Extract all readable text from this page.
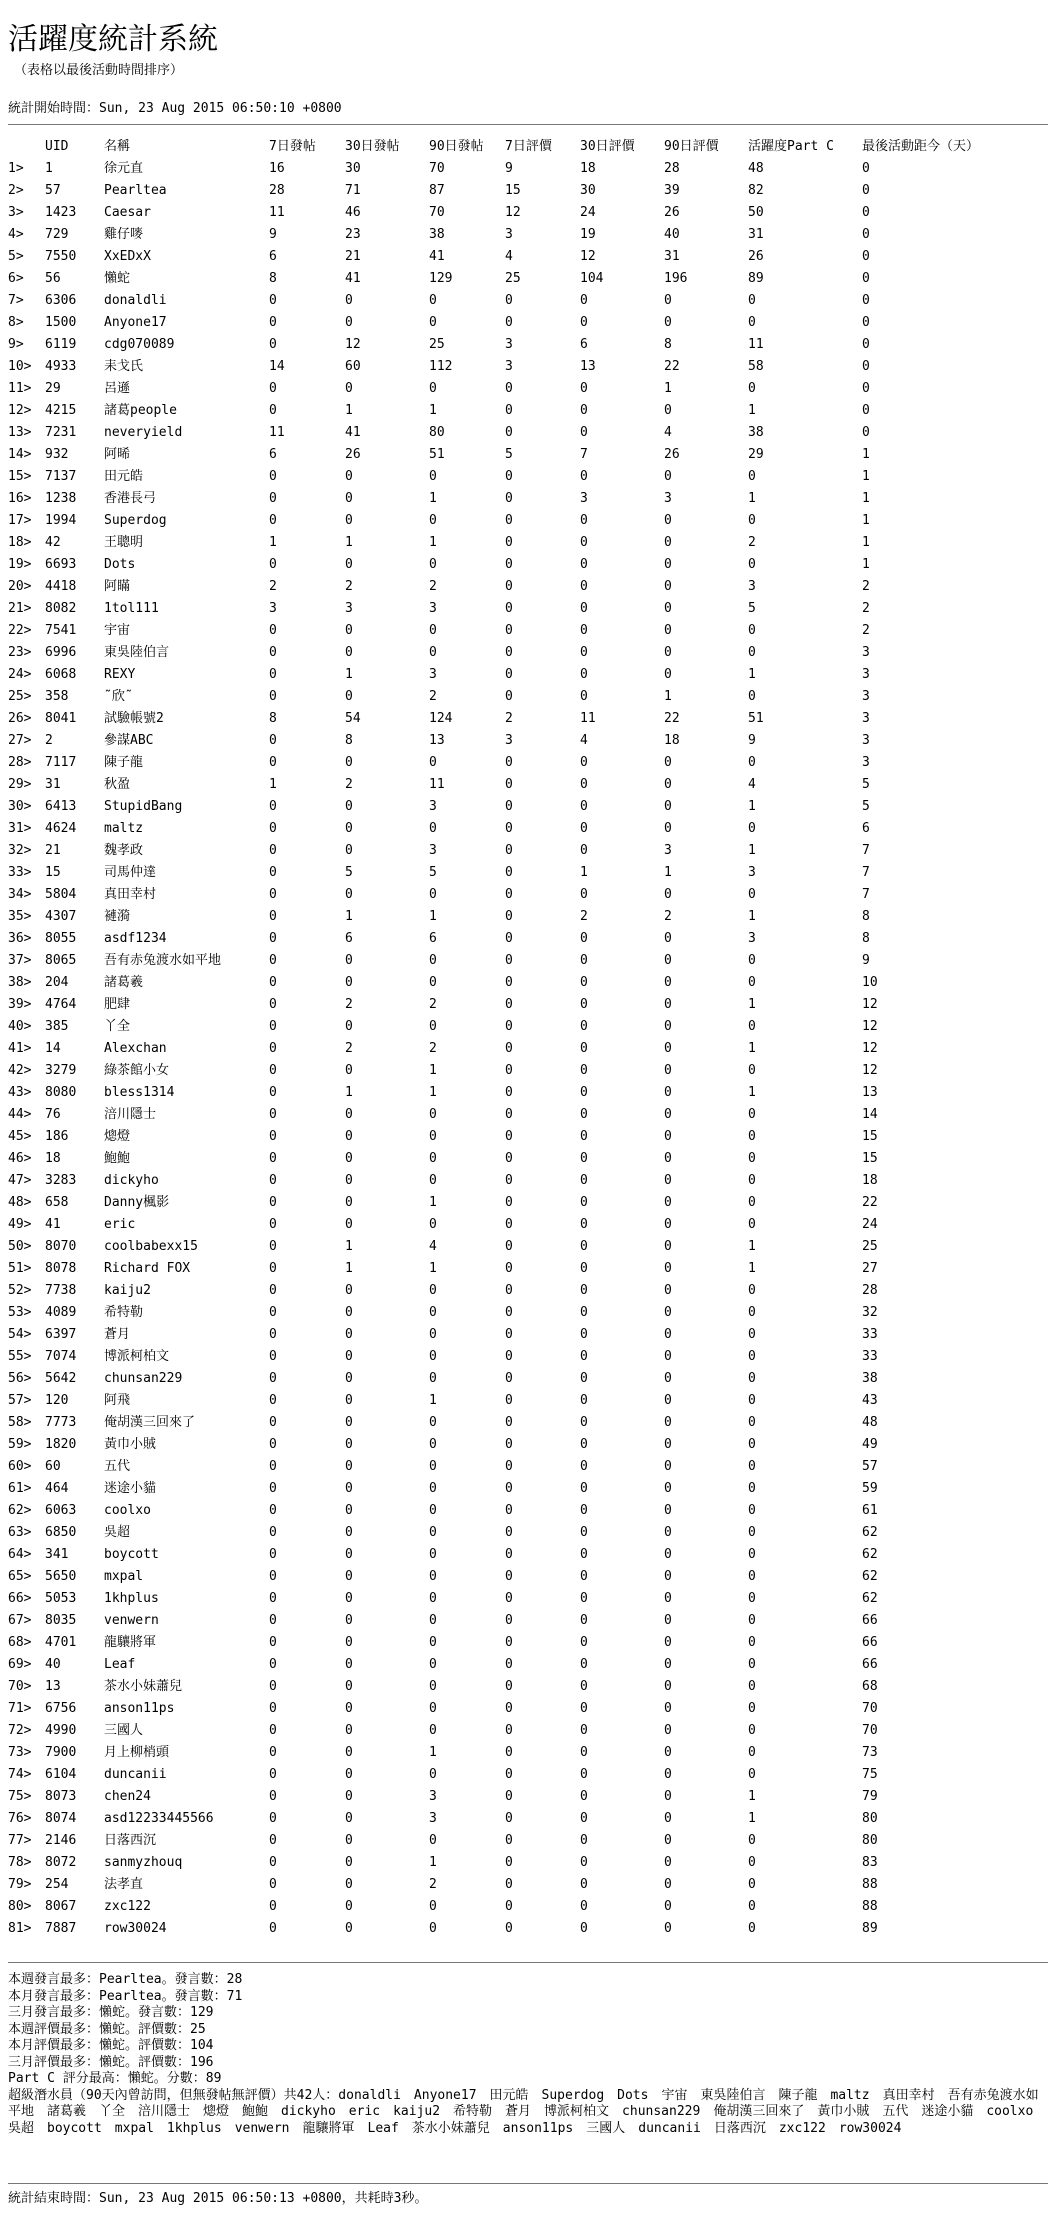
活躍度統計系統
（表格以最後活動時間排序）
統計開始時間：Sun, 23 Aug 2015 06:50:10 +0800
	UID	名稱	7日發帖	30日發帖	90日發帖	7日評價	30日評價	90日評價	活躍度Part C	最後活動距今（天）
1>	1	徐元直	16	30	70	9	18	28	48	0
2>	57	Pearltea	28	71	87	15	30	39	82	0
3>	1423	Caesar	11	46	70	12	24	26	50	0
4>	729	雞仔嘜	9	23	38	3	19	40	31	0
5>	7550	XxEDxX	6	21	41	4	12	31	26	0
6>	56	懶蛇	8	41	129	25	104	196	89	0
7>	6306	donaldli	0	0	0	0	0	0	0	0
8>	1500	Anyone17	0	0	0	0	0	0	0	0
9>	6119	cdg070089	0	12	25	3	6	8	11	0
10>	4933	耒戈氏	14	60	112	3	13	22	58	0
11>	29	呂遜	0	0	0	0	0	1	0	0
12>	4215	諸葛people	0	1	1	0	0	0	1	0
13>	7231	neveryield	11	41	80	0	0	4	38	0
14>	932	阿晞	6	26	51	5	7	26	29	1
15>	7137	田元皓	0	0	0	0	0	0	0	1
16>	1238	香港長弓	0	0	1	0	3	3	1	1
17>	1994	Superdog	0	0	0	0	0	0	0	1
18>	42	王聰明	1	1	1	0	0	0	2	1
19>	6693	Dots	0	0	0	0	0	0	0	1
20>	4418	阿瞞	2	2	2	0	0	0	3	2
21>	8082	1tol111	3	3	3	0	0	0	5	2
22>	7541	宇宙	0	0	0	0	0	0	0	2
23>	6996	東吳陸伯言	0	0	0	0	0	0	0	3
24>	6068	REXY	0	1	3	0	0	0	1	3
25>	358	˜欣˜	0	0	2	0	0	1	0	3
26>	8041	試驗帳號2	8	54	124	2	11	22	51	3
27>	2	參謀ABC	0	8	13	3	4	18	9	3
28>	7117	陳子龍	0	0	0	0	0	0	0	3
29>	31	秋盈	1	2	11	0	0	0	4	5
30>	6413	StupidBang	0	0	3	0	0	0	1	5
31>	4624	maltz	0	0	0	0	0	0	0	6
32>	21	魏孝政	0	0	3	0	0	3	1	7
33>	15	司馬仲達	0	5	5	0	1	1	3	7
34>	5804	真田幸村	0	0	0	0	0	0	0	7
35>	4307	褳漪	0	1	1	0	2	2	1	8
36>	8055	asdf1234	0	6	6	0	0	0	3	8
37>	8065	吾有赤兔渡水如平地	0	0	0	0	0	0	0	9
38>	204	諸葛羲	0	0	0	0	0	0	0	10
39>	4764	肥肆	0	2	2	0	0	0	1	12
40>	385	丫全	0	0	0	0	0	0	0	12
41>	14	Alexchan	0	2	2	0	0	0	1	12
42>	3279	綠茶館小女	0	0	1	0	0	0	0	12
43>	8080	bless1314	0	1	1	0	0	0	1	13
44>	76	涪川隱士	0	0	0	0	0	0	0	14
45>	186	熜燈	0	0	0	0	0	0	0	15
46>	18	鮑鮑	0	0	0	0	0	0	0	15
47>	3283	dickyho	0	0	0	0	0	0	0	18
48>	658	Danny楓影	0	0	1	0	0	0	0	22
49>	41	eric	0	0	0	0	0	0	0	24
50>	8070	coolbabexx15	0	1	4	0	0	0	1	25
51>	8078	Richard FOX	0	1	1	0	0	0	1	27
52>	7738	kaiju2	0	0	0	0	0	0	0	28
53>	4089	希特勒	0	0	0	0	0	0	0	32
54>	6397	蒼月	0	0	0	0	0	0	0	33
55>	7074	博派柯柏文	0	0	0	0	0	0	0	33
56>	5642	chunsan229	0	0	0	0	0	0	0	38
57>	120	阿飛	0	0	1	0	0	0	0	43
58>	7773	俺胡漢三回來了	0	0	0	0	0	0	0	48
59>	1820	黃巾小賊	0	0	0	0	0	0	0	49
60>	60	五代	0	0	0	0	0	0	0	57
61>	464	迷途小貓	0	0	0	0	0	0	0	59
62>	6063	coolxo	0	0	0	0	0	0	0	61
63>	6850	吳超	0	0	0	0	0	0	0	62
64>	341	boycott	0	0	0	0	0	0	0	62
65>	5650	mxpal	0	0	0	0	0	0	0	62
66>	5053	1khplus	0	0	0	0	0	0	0	62
67>	8035	venwern	0	0	0	0	0	0	0	66
68>	4701	龍驤將軍	0	0	0	0	0	0	0	66
69>	40	Leaf	0	0	0	0	0	0	0	66
70>	13	茶水小妹蕭兒	0	0	0	0	0	0	0	68
71>	6756	anson11ps	0	0	0	0	0	0	0	70
72>	4990	三國人	0	0	0	0	0	0	0	70
73>	7900	月上柳梢頭	0	0	1	0	0	0	0	73
74>	6104	duncanii	0	0	0	0	0	0	0	75
75>	8073	chen24	0	0	3	0	0	0	1	79
76>	8074	asd12233445566	0	0	3	0	0	0	1	80
77>	2146	日落西沉	0	0	0	0	0	0	0	80
78>	8072	sanmyzhouq	0	0	1	0	0	0	0	83
79>	254	法孝直	0	0	2	0	0	0	0	88
80>	8067	zxc122	0	0	0	0	0	0	0	88
81>	7887	row30024	0	0	0	0	0	0	0	89
本週發言最多：Pearltea。發言數：28
本月發言最多：Pearltea。發言數：71
三月發言最多：懶蛇。發言數：129
本週評價最多：懶蛇。評價數：25
本月評價最多：懶蛇。評價數：104
三月評價最多：懶蛇。評價數：196
Part C 評分最高：懶蛇。分數：89
超級潛水員（90天內曾訪問，但無發帖無評價）共42人：donaldli　Anyone17　田元皓　Superdog　Dots　宇宙　東吳陸伯言　陳子龍　maltz　真田幸村　吾有赤兔渡水如平地　諸葛羲　丫全　涪川隱士　熜燈　鮑鮑　dickyho　eric　kaiju2　希特勒　蒼月　博派柯柏文　chunsan229　俺胡漢三回來了　黃巾小賊　五代　迷途小貓　coolxo　吳超　boycott　mxpal　1khplus　venwern　龍驤將軍　Leaf　茶水小妹蕭兒　anson11ps　三國人　duncanii　日落西沉　zxc122　row30024
統計結束時間：Sun, 23 Aug 2015 06:50:13 +0800，共耗時3秒。
